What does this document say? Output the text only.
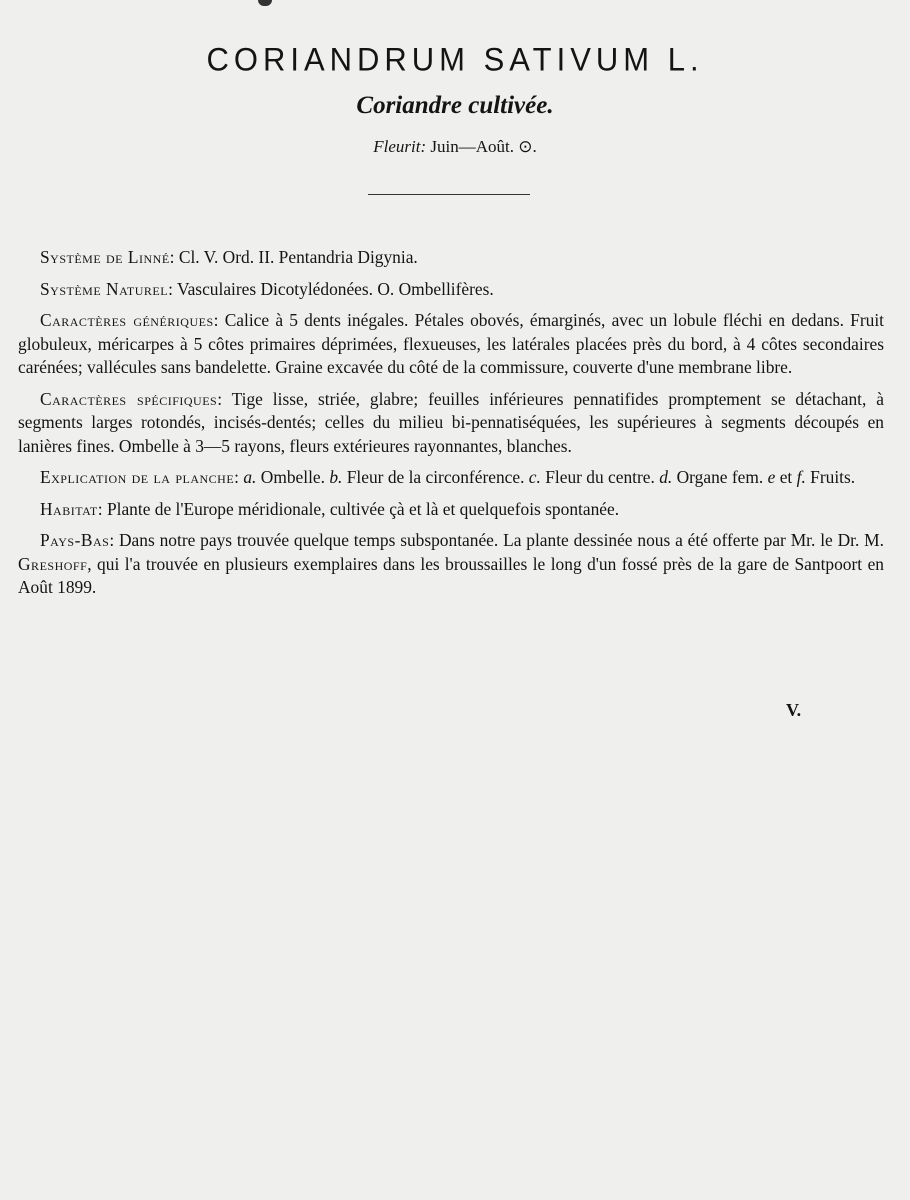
CORIANDRUM SATIVUM L.
Coriandre cultivée.
Fleurit: Juin—Août. ⊙.

Système de Linné: Cl. V. Ord. II. Pentandria Digynia.

Système Naturel: Vasculaires Dicotylédonées. O. Ombellifères.

Caractères génériques: Calice à 5 dents inégales. Pétales obovés, émarginés, avec un lobule fléchi en dedans. Fruit globuleux, méricarpes à 5 côtes primaires déprimées, flexueuses, les latérales placées près du bord, à 4 côtes secondaires carénées; vallécules sans bandelette. Graine excavée du côté de la commissure, couverte d'une membrane libre.

Caractères spécifiques: Tige lisse, striée, glabre; feuilles inférieures pennatifides promptement se détachant, à segments larges rotondés, incisés-dentés; celles du milieu bi-pennatiséquées, les supérieures à segments découpés en lanières fines. Ombelle à 3—5 rayons, fleurs extérieures rayonnantes, blanches.

Explication de la planche: a. Ombelle. b. Fleur de la circonférence. c. Fleur du centre. d. Organe fem. e et f. Fruits.

Habitat: Plante de l'Europe méridionale, cultivée çà et là et quelquefois spontanée.

Pays-Bas: Dans notre pays trouvée quelque temps subspontanée. La plante dessinée nous a été offerte par Mr. le Dr. M. Greshoff, qui l'a trouvée en plusieurs exemplaires dans les broussailles le long d'un fossé près de la gare de Santpoort en Août 1899.

V.
